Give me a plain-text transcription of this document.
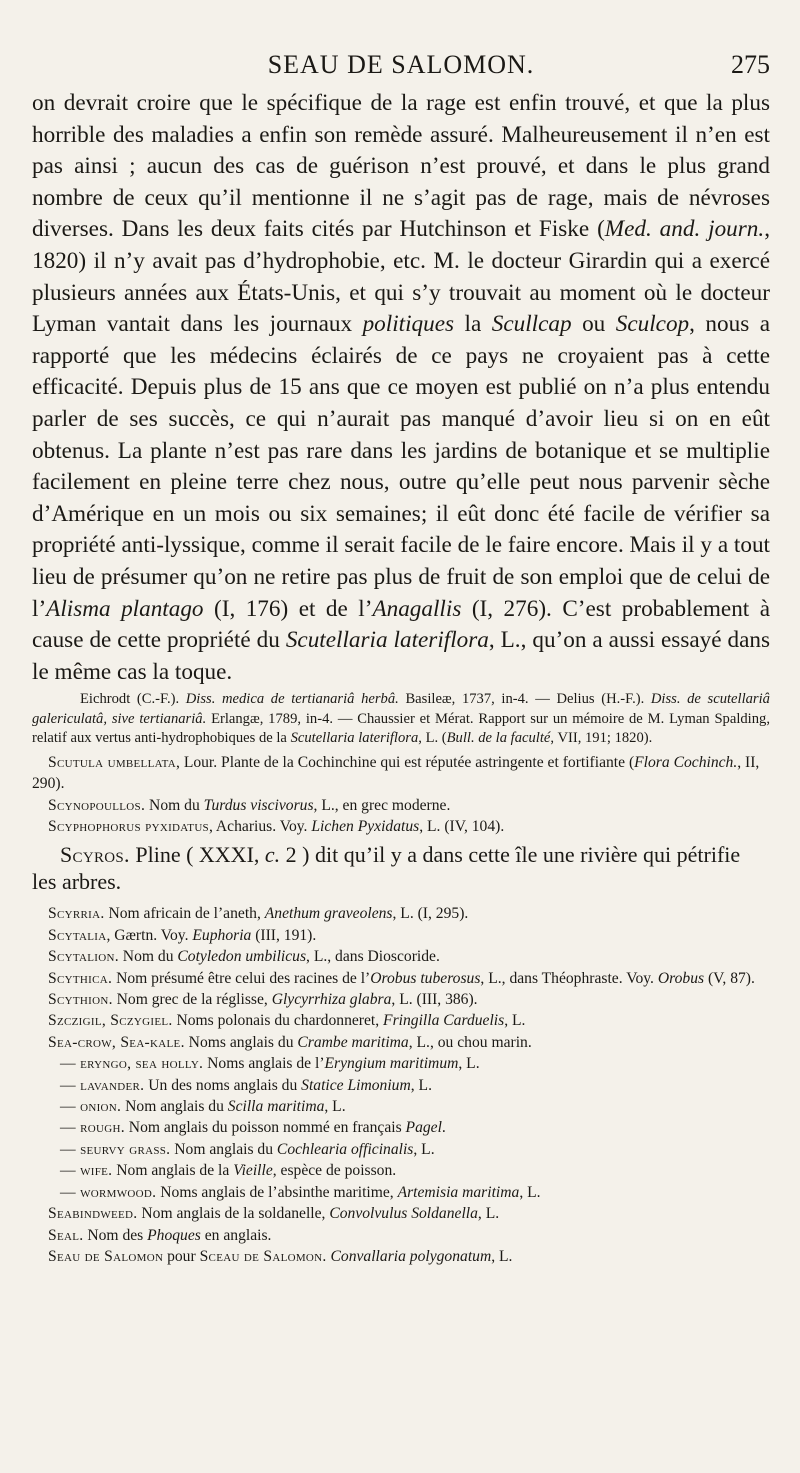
SEAU DE SALOMON.	275

on devrait croire que le spécifique de la rage est enfin trouvé, et que la plus horrible des maladies a enfin son remède assuré. Malheureusement il n’en est pas ainsi ; aucun des cas de guérison n’est prouvé, et dans le plus grand nombre de ceux qu’il mentionne il ne s’agit pas de rage, mais de névroses diverses. Dans les deux faits cités par Hutchinson et Fiske (Med. and. journ., 1820) il n’y avait pas d’hydrophobie, etc. M. le docteur Girardin qui a exercé plusieurs années aux États-Unis, et qui s’y trouvait au moment où le docteur Lyman vantait dans les journaux politiques la Scullcap ou Sculcop, nous a rapporté que les médecins éclairés de ce pays ne croyaient pas à cette efficacité. Depuis plus de 15 ans que ce moyen est publié on n’a plus entendu parler de ses succès, ce qui n’aurait pas manqué d’avoir lieu si on en eût obtenus. La plante n’est pas rare dans les jardins de botanique et se multiplie facilement en pleine terre chez nous, outre qu’elle peut nous parvenir sèche d’Amérique en un mois ou six semaines; il eût donc été facile de vérifier sa propriété anti-lyssique, comme il serait facile de le faire encore. Mais il y a tout lieu de présumer qu’on ne retire pas plus de fruit de son emploi que de celui de l’Alisma plantago (I, 176) et de l’Anagallis (I, 276). C’est probablement à cause de cette propriété du Scutellaria lateriflora, L., qu’on a aussi essayé dans le même cas la toque.

Eichrodt (C.-F.). Diss. medica de tertianariâ herbâ. Basileæ, 1737, in-4. — Delius (H.-F.). Diss. de scutellariâ galericulatâ, sive tertianariâ. Erlangæ, 1789, in-4. — Chaussier et Mérat. Rapport sur un mémoire de M. Lyman Spalding, relatif aux vertus anti-hydrophobiques de la Scutellaria lateriflora, L. (Bull. de la faculté, VII, 191; 1820).

Scutula umbellata, Lour. Plante de la Cochinchine qui est réputée astringente et fortifiante (Flora Cochinch., II, 290).

Scynopoullos. Nom du Turdus viscivorus, L., en grec moderne.

Scyphophorus pyxidatus, Acharius. Voy. Lichen Pyxidatus, L. (IV, 104).

Scyros. Pline ( XXXI, c. 2 ) dit qu’il y a dans cette île une rivière qui pétrifie les arbres.

Scyrria. Nom africain de l’aneth, Anethum graveolens, L. (I, 295).

Scytalia, Gærtn. Voy. Euphoria (III, 191).

Scytalion. Nom du Cotyledon umbilicus, L., dans Dioscoride.

Scythica. Nom présumé être celui des racines de l’Orobus tuberosus, L., dans Théophraste. Voy. Orobus (V, 87).

Scythion. Nom grec de la réglisse, Glycyrrhiza glabra, L. (III, 386).

Szczigil, Sczygiel. Noms polonais du chardonneret, Fringilla Carduelis, L.

Sea-crow, Sea-kale. Noms anglais du Crambe maritima, L., ou chou marin.

— eryngo, sea holly. Noms anglais de l’Eryngium maritimum, L.

— lavander. Un des noms anglais du Statice Limonium, L.

— onion. Nom anglais du Scilla maritima, L.

— rough. Nom anglais du poisson nommé en français Pagel.

— seurvy grass. Nom anglais du Cochlearia officinalis, L.

— wife. Nom anglais de la Vieille, espèce de poisson.

— wormwood. Noms anglais de l’absinthe maritime, Artemisia maritima, L.

Seabindweed. Nom anglais de la soldanelle, Convolvulus Soldanella, L.

Seal. Nom des Phoques en anglais.

Seau de Salomon pour Sceau de Salomon. Convallaria polygonatum, L.
